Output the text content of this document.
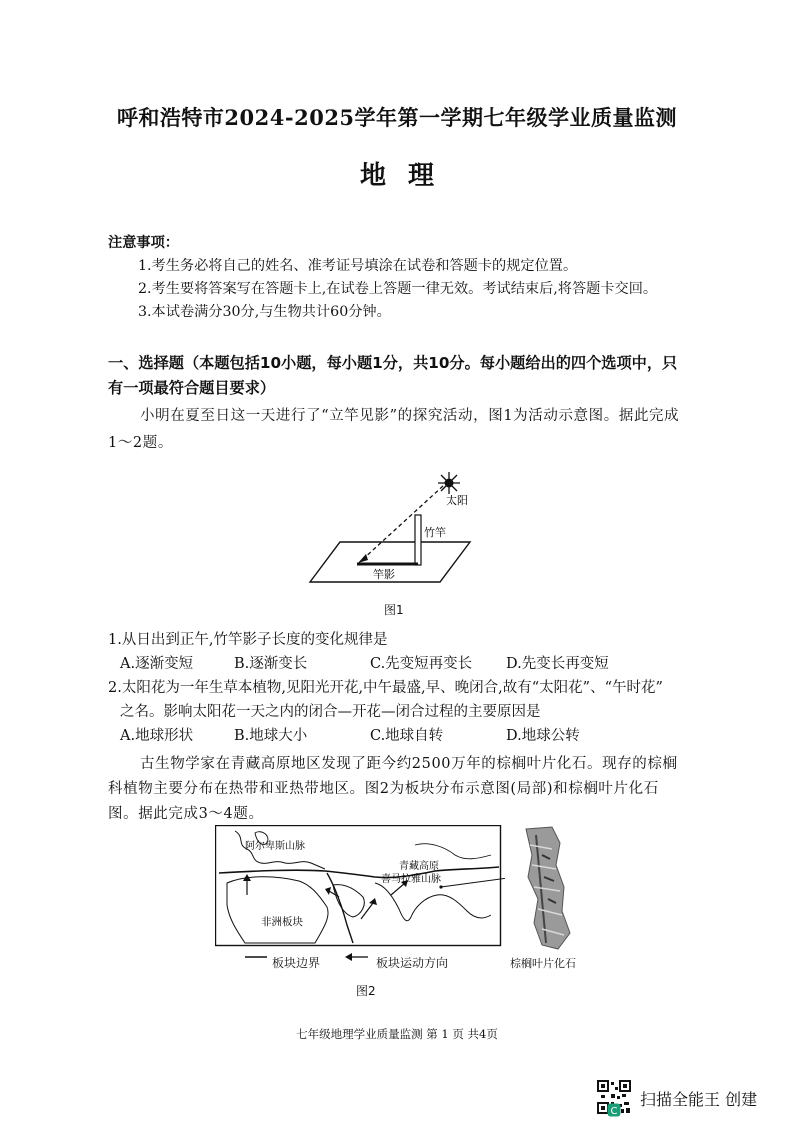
呼和浩特市2024-2025学年第一学期七年级学业质量监测
地理
注意事项：
1.考生务必将自己的姓名、准考证号填涂在试卷和答题卡的规定位置。
2.考生要将答案写在答题卡上,在试卷上答题一律无效。考试结束后,将答题卡交回。
3.本试卷满分30分,与生物共计60分钟。
一、选择题（本题包括10小题，每小题1分，共10分。每小题给出的四个选项中，只
有一项最符合题目要求）
小明在夏至日这一天进行了“立竿见影”的探究活动，图1为活动示意图。据此完成
1～2题。
太阳
竹竿
竿影
图1
1.从日出到正午,竹竿影子长度的变化规律是
A.逐渐变短	B.逐渐变长	C.先变短再变长 D.先变长再变短
2.太阳花为一年生草本植物,见阳光开花,中午最盛,早、晚闭合,故有“太阳花”、“午时花”
之名。影响太阳花一天之内的闭合—开花—闭合过程的主要原因是
A.地球形状	B.地球大小	C.地球自转	D.地球公转
古生物学家在青藏高原地区发现了距今约2500万年的棕榈叶片化石。现存的棕榈
科植物主要分布在热带和亚热带地区。图2为板块分布示意图(局部)和棕榈叶片化石
图。据此完成3～4题。
阿尔卑斯山脉
青藏高原
喜马拉雅山脉
非洲板块
板块边界	板块运动方向	棕榈叶片化石
图2
七年级地理学业质量监测 第 1 页 共4页
C
扫描全能王 创建
